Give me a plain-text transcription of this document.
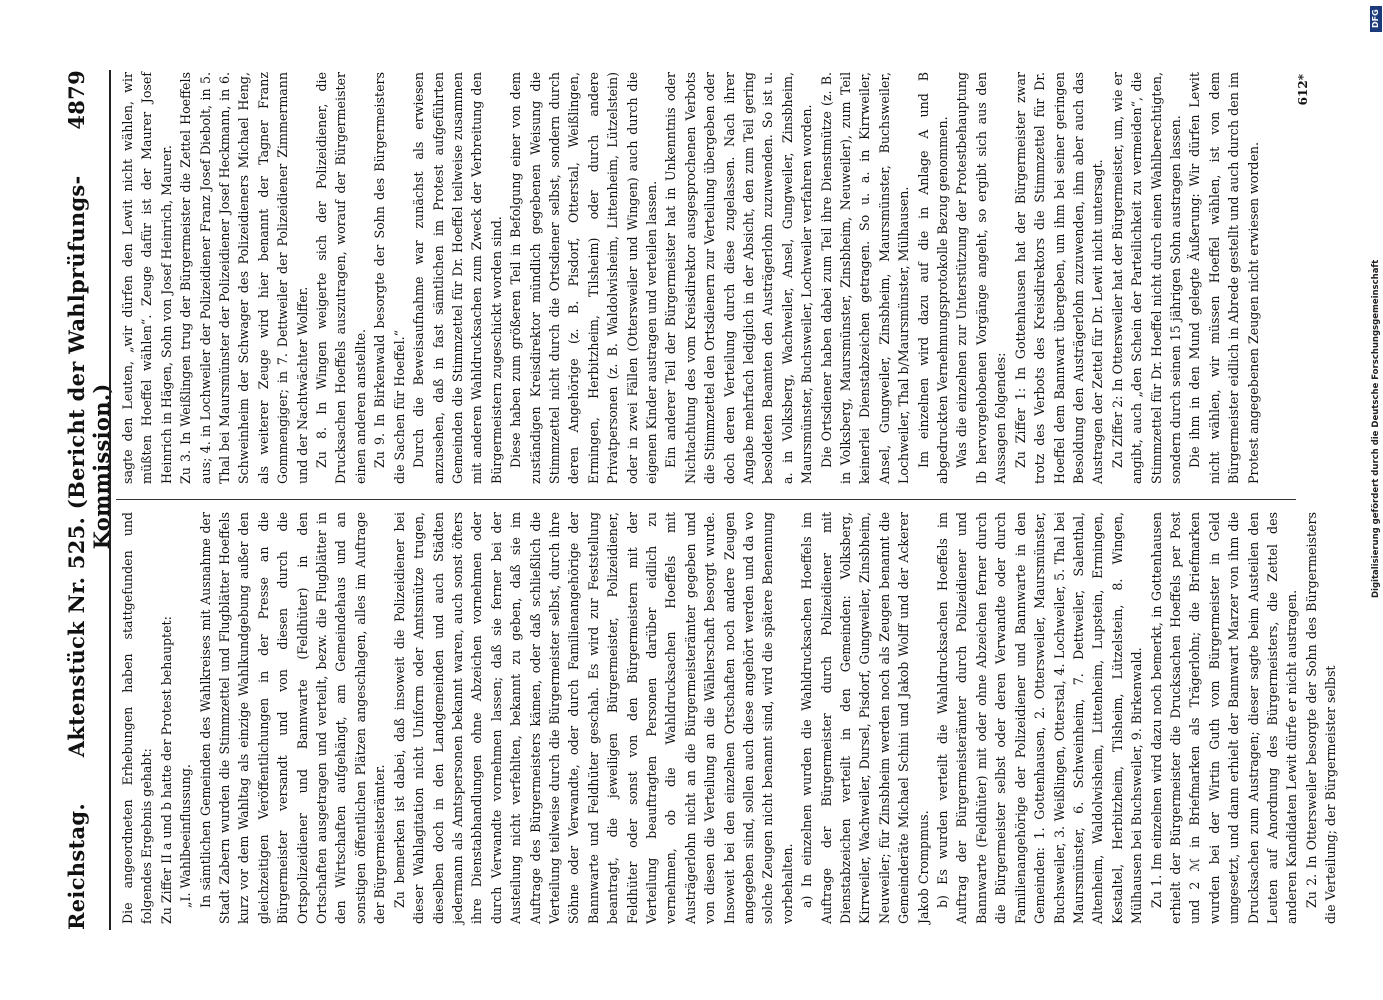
Reichstag.
Aktenstück Nr. 525. (Bericht der Wahlprüfungs-Kommission.)
4879

Die angeordneten Erhebungen haben stattgefunden und folgendes Ergebnis gehabt: Zu Ziffer II a und b hatte der Protest behauptet: „I. Wahlbeeinflussung. In sämtlichen Gemeinden des Wahlkreises mit Ausnahme der Stadt Zabern wurden die Stimmzettel und Flugblätter Hoeffels kurz vor dem Wahltag als einzige Wahlkundgebung außer den gleichzeitigen Veröffentlichungen in der Presse an die Bürgermeister versandt und von diesen durch die Ortspolizeidiener und Bannwarte (Feldhüter) in den Ortschaften ausgetragen und verteilt, bezw. die Flugblätter in den Wirtschaften aufgehängt, am Gemeindehaus und an sonstigen öffentlichen Plätzen angeschlagen, alles im Auftrage der Bürgermeisterämter. Zu bemerken ist dabei, daß insoweit die Polizeidiener bei dieser Wahlagitation nicht Uniform oder Amtsmütze trugen, dieselben doch in den Landgemeinden und auch Städten jedermann als Amtspersonen bekannt waren, auch sonst öfters ihre Dienstabhandlungen ohne Abzeichen vornehmen oder durch Verwandte vornehmen lassen; daß sie ferner bei der Austeilung nicht verfehlten, bekannt zu geben, daß sie im Auftrage des Bürgermeisters kämen, oder daß schließlich die Verteilung teilweise durch die Bürgermeister selbst, durch ihre Söhne oder Verwandte, oder durch Familienangehörige der Bannwarte und Feldhüter geschah. Es wird zur Feststellung beantragt, die jeweiligen Bürgermeister, Polizeidiener, Feldhüter oder sonst von den Bürgermeistern mit der Verteilung beauftragten Personen darüber eidlich zu vernehmen, ob die Wahldrucksachen Hoeffels mit Austrägerlohn nicht an die Bürgermeisterämter gegeben und von diesen die Verteilung an die Wählerschaft besorgt wurde. Insoweit bei den einzelnen Ortschaften noch andere Zeugen angegeben sind, sollen auch diese angehört werden und da wo solche Zeugen nicht benannt sind, wird die spätere Benennung vorbehalten. a) In einzelnen wurden die Wahldrucksachen Hoeffels im Auftrage der Bürgermeister durch Polizeidiener mit Dienstabzeichen verteilt in den Gemeinden: Volksberg, Kirrweiler, Wachweiler, Dursel, Pisdorf, Gungweiler, Zinsbheim, Neuweiler; für Zinsbheim werden noch als Zeugen benannt die Gemeinderäte Michael Schini und Jakob Wolff und der Ackerer Jakob Crompmus. b) Es wurden verteilt die Wahldrucksachen Hoeffels im Auftrag der Bürgermeisterämter durch Polizeidiener und Bannwarte (Feldhüter) mit oder ohne Abzeichen ferner durch die Bürgermeister selbst oder deren Verwandte oder durch Familienangehörige der Polizeidiener und Bannwarte in den Gemeinden: 1. Gottenhausen, 2. Ottersweiler, Maursmünster, Buchsweiler, 3. Weißlingen, Otterstal, 4. Lochweiler, 5. Thal bei Maursmünster, 6. Schweinheim, 7. Dettweiler, Salenthal, Altenheim, Waldolwisheim, Littenheim, Lupstein, Ermingen, Kestaltel, Herbitzheim, Tilsheim, Lützelstein, 8. Wingen, Mülhausen bei Buchsweiler, 9. Birkenwald. Zu 1. Im einzelnen wird dazu noch bemerkt, in Gottenhausen erhielt der Bürgermeister die Drucksachen Hoeffels per Post und 2 ℳ in Briefmarken als Trägerlohn; die Briefmarken wurden bei der Wirtin Guth vom Bürgermeister in Geld umgesetzt, und dann erhielt der Bannwart Marzer von ihm die Drucksachen zum Austragen; dieser sagte beim Austeilen den Leuten auf Anordnung des Bürgermeisters, die Zettel des anderen Kandidaten Lewit dürfe er nicht austragen. Zu 2. In Ottersweiler besorgte der Sohn des Bürgermeisters die Verteilung; der Bürgermeister selbst

sagte den Leuten, „wir dürfen den Lewit nicht wählen, wir müßten Hoeffel wählen“. Zeuge dafür ist der Maurer Josef Heinrich in Hägen, Sohn von Josef Heinrich, Maurer. Zu 3. In Weißlingen trug der Bürgermeister die Zettel Hoeffels aus; 4. in Lochweiler der Polizeidiener Franz Josef Diebolt, in 5. Thal bei Maursmünster der Polizeidiener Josef Heckmann, in 6. Schweinheim der Schwager des Polizeidieners Michael Heng, als weiterer Zeuge wird hier benannt der Tagner Franz Gommengiger; in 7. Dettweiler der Polizeidiener Zimmermann und der Nachtwächter Wolffer. Zu 8. In Wingen weigerte sich der Polizeidiener, die Drucksachen Hoeffels auszutragen, worauf der Bürgermeister einen anderen anstellte. Zu 9. In Birkenwald besorgte der Sohn des Bürgermeisters die Sachen für Hoeffel.“ Durch die Beweisaufnahme war zunächst als erwiesen anzusehen, daß in fast sämtlichen im Protest aufgeführten Gemeinden die Stimmzettel für Dr. Hoeffel teilweise zusammen mit anderen Wahldrucksachen zum Zweck der Verbreitung den Bürgermeistern zugeschickt worden sind. Diese haben zum größeren Teil in Befolgung einer von dem zuständigen Kreisdirektor mündlich gegebenen Weisung die Stimmzettel nicht durch die Ortsdiener selbst, sondern durch deren Angehörige (z. B. Pisdorf, Otterstal, Weißlingen, Ermingen, Herbitzheim, Tilsheim) oder durch andere Privatpersonen (z. B. Waldolwisheim, Littenheim, Lützelstein) oder in zwei Fällen (Ottersweiler und Wingen) auch durch die eigenen Kinder austragen und verteilen lassen. Ein anderer Teil der Bürgermeister hat in Unkenntnis oder Nichtachtung des vom Kreisdirektor ausgesprochenen Verbots die Stimmzettel den Ortsdienern zur Verteilung übergeben oder doch deren Verteilung durch diese zugelassen. Nach ihrer Angabe mehrfach lediglich in der Absicht, den zum Teil gering besoldeten Beamten den Austrägerlohn zuzuwenden. So ist u. a. in Volksberg, Wachweiler, Ansel, Gungweiler, Zinsbheim, Maursmünster, Buchsweiler, Lochweiler verfahren worden. Die Ortsdiener haben dabei zum Teil ihre Dienstmütze (z. B. in Volksberg, Maursmünster, Zinsbheim, Neuweiler), zum Teil keinerlei Dienstabzeichen getragen. So u. a. in Kirrweiler, Ansel, Gungweiler, Zinsbheim, Maursmünster, Buchsweiler, Lochweiler, Thal b/Maursmünster, Mülhausen. Im einzelnen wird dazu auf die in Anlage A und B abgedruckten Vernehmungsprotokolle Bezug genommen. Was die einzelnen zur Unterstützung der Protestbehauptung Ib hervorgehobenen Vorgänge angeht, so ergibt sich aus den Aussagen folgendes: Zu Ziffer 1: In Gottenhausen hat der Bürgermeister zwar trotz des Verbots des Kreisdirektors die Stimmzettel für Dr. Hoeffel dem Bannwart übergeben, um ihm bei seiner geringen Besoldung den Austrägerlohn zuzuwenden, ihm aber auch das Austragen der Zettel für Dr. Lewit nicht untersagt. Zu Ziffer 2: In Ottersweiler hat der Bürgermeister, um, wie er angibt, auch „den Schein der Parteilichkeit zu vermeiden“, die Stimmzettel für Dr. Hoeffel nicht durch einen Wahlberechtigten, sondern durch seinen 15 jährigen Sohn austragen lassen. Die ihm in den Mund gelegte Äußerung: Wir dürfen Lewit nicht wählen, wir müssen Hoeffel wählen, ist von dem Bürgermeister eidlich in Abrede gestellt und auch durch den im Protest angegebenen Zeugen nicht erwiesen worden.

612*
DFG
Digitalisierung gefördert durch die Deutsche Forschungsgemeinschaft
